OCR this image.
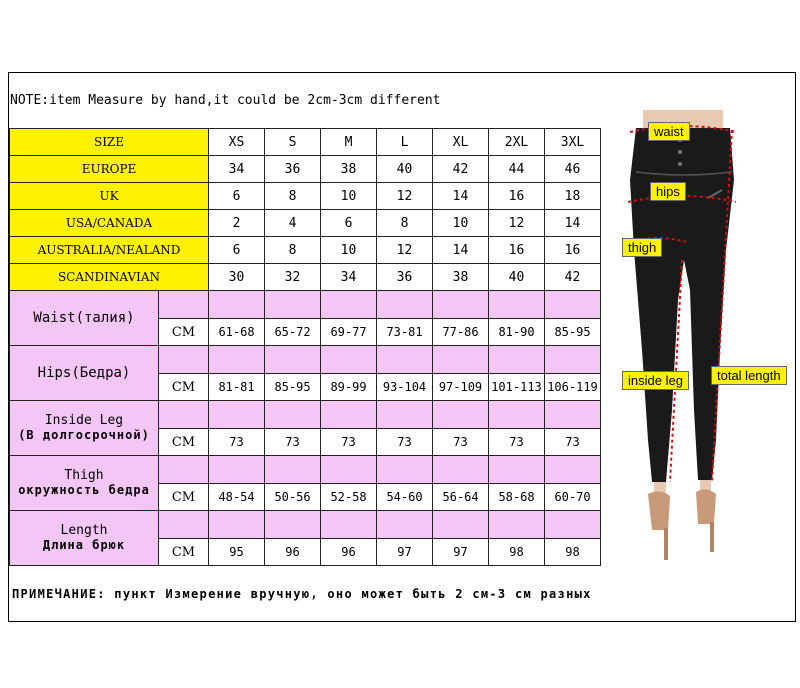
NOTE:item Measure by hand,it could be 2cm-3cm different
SIZE		XS	S	M	L	XL	2XL	3XL
EUROPE		34	36	38	40	42	44	46
UK		6	8	10	12	14	16	18
USA/CANADA		2	4	6	8	10	12	14
AUSTRALIA/NEALAND		6	8	10	12	14	16	16
SCANDINAVIAN		30	32	34	36	38	40	42

Waist(талия)								

	CM	61-68	65-72	69-77	73-81	77-86	81-90	85-95

Hips(Бедра)								

	CM	81-81	85-95	89-99	93-104	97-109	101-113	106-119

Inside Leg
(В долгосрочной)								

	CM	73	73	73	73	73	73	73

Thigh
окружность бедра								

	CM	48-54	50-56	52-58	54-60	56-64	58-68	60-70

Length
Длина брюк								

	CM	95	96	96	97	97	98	98
ПРИМЕЧАНИЕ: пункт Измерение вручную, оно может быть 2 см-3 см разных
waist
hips
thigh
inside leg	total length
